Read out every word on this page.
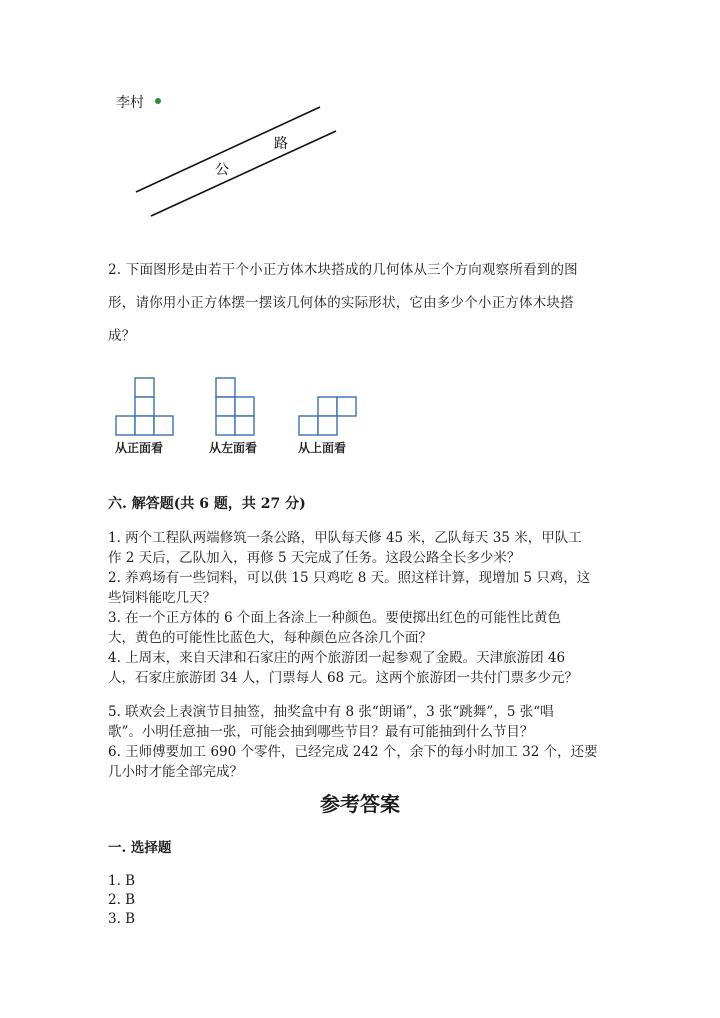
李村
公
路
2. 下面图形是由若干个小正方体木块搭成的几何体从三个方向观察所看到的图
形，请你用小正方体摆一摆该几何体的实际形状，它由多少个小正方体木块搭
成？
从正面看	从左面看	从上面看
六. 解答题(共 6 题，共 27 分)
1. 两个工程队两端修筑一条公路，甲队每天修 45 米，乙队每天 35 米，甲队工
作 2 天后，乙队加入，再修 5 天完成了任务。这段公路全长多少米？
2. 养鸡场有一些饲料，可以供 15 只鸡吃 8 天。照这样计算，现增加 5 只鸡，这
些饲料能吃几天？
3. 在一个正方体的 6 个面上各涂上一种颜色。要使掷出红色的可能性比黄色
大，黄色的可能性比蓝色大，每种颜色应各涂几个面？
4. 上周末，来自天津和石家庄的两个旅游团一起参观了金殿。天津旅游团 46
人，石家庄旅游团 34 人，门票每人 68 元。这两个旅游团一共付门票多少元？
5. 联欢会上表演节目抽签，抽奖盒中有 8 张“朗诵”，3 张“跳舞”，5 张“唱
歌”。小明任意抽一张，可能会抽到哪些节目？最有可能抽到什么节目？
6. 王师傅要加工 690 个零件，已经完成 242 个，余下的每小时加工 32 个，还要
几小时才能全部完成？
参考答案
一. 选择题
1. B
2. B
3. B
